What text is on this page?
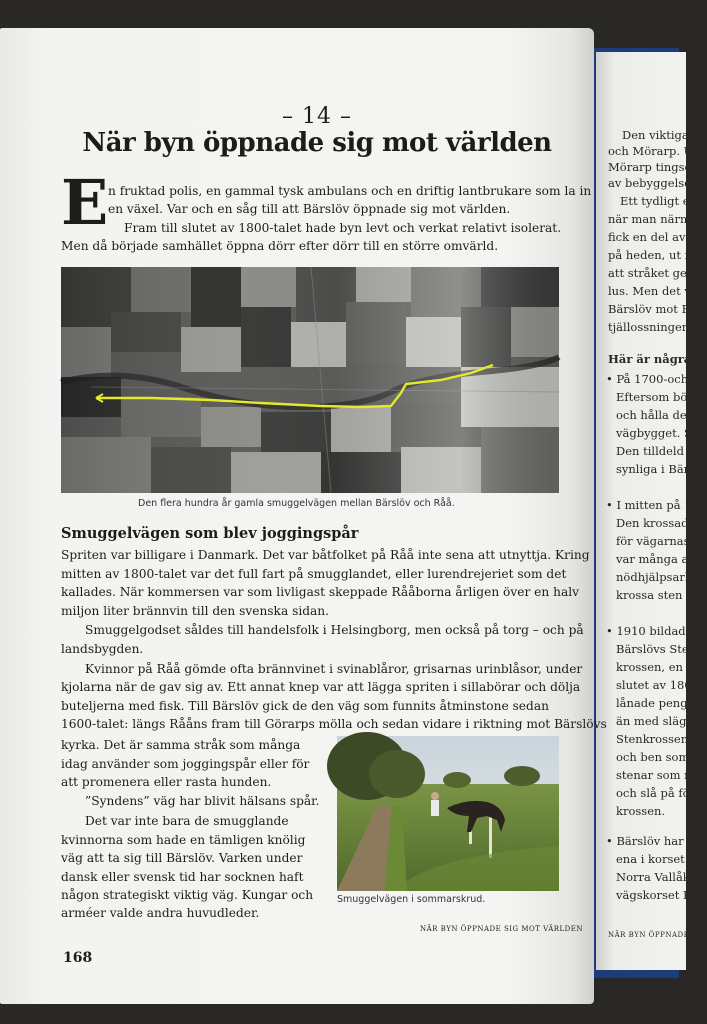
Den viktiga
och Mörarp. Un
Mörarp tingsor
av bebyggelsen
Ett tydligt e
när man närma
fick en del av lan
på heden, ut i ö
att stråket geno
lus. Men det va
Bärslöv mot Ek
tjällossningen.
Här är några s
• På 1700-och
Eftersom bör
och hålla den
vägbygget. St
Den tilldeld
synliga i Bärs
• I mitten på 18
Den krossade
för vägarnas
var många ar
nödhjälpsarb
krossa sten t
• 1910 bildade
Bärslövs Sten
krossen, en v
slutet av 180
lånade penga
än med slägg
Stenkrossen
och ben som
stenar som n
och slå på för
krossen.
• Bärslöv har h
ena i korset m
Norra Vallåkr
vägskorset Ek
NÄR BYN ÖPPNADE SIG
– 14 –
När byn öppnade sig mot världen
E n fruktad polis, en gammal tysk ambulans och en driftig lantbrukare som la in
en växel. Var och en såg till att Bärslöv öppnade sig mot världen.
Fram till slutet av 1800-talet hade byn levt och verkat relativt isolerat.
Men då började samhället öppna dörr efter dörr till en större omvärld.
Den flera hundra år gamla smuggelvägen mellan Bärslöv och Råå.
Smuggelvägen som blev joggingspår
Spriten var billigare i Danmark. Det var båtfolket på Råå inte sena att utnyttja. Kring
mitten av 1800-talet var det full fart på smugglandet, eller lurendrejeriet som det
kallades. När kommersen var som livligast skeppade Rååborna årligen över en halv
miljon liter brännvin till den svenska sidan.
Smuggelgodset såldes till handelsfolk i Helsingborg, men också på torg – och på
landsbygden.
Kvinnor på Råå gömde ofta brännvinet i svinablåror, grisarnas urinblåsor, under
kjolarna när de gav sig av. Ett annat knep var att lägga spriten i sillabörar och dölja
buteljerna med fisk. Till Bärslöv gick de den väg som funnits åtminstone sedan
1600-talet: längs Rååns fram till Görarps mölla och sedan vidare i riktning mot Bärslövs
kyrka. Det är samma stråk som många
idag använder som joggingspår eller för
att promenera eller rasta hunden.
”Syndens” väg har blivit hälsans spår.
Det var inte bara de smugglande
kvinnorna som hade en tämligen knölig
väg att ta sig till Bärslöv. Varken under
dansk eller svensk tid har socknen haft
någon strategiskt viktig väg. Kungar och
arméer valde andra huvudleder.
Smuggelvägen i sommarskrud.
NÄR BYN ÖPPNADE SIG MOT VÄRLDEN
168
